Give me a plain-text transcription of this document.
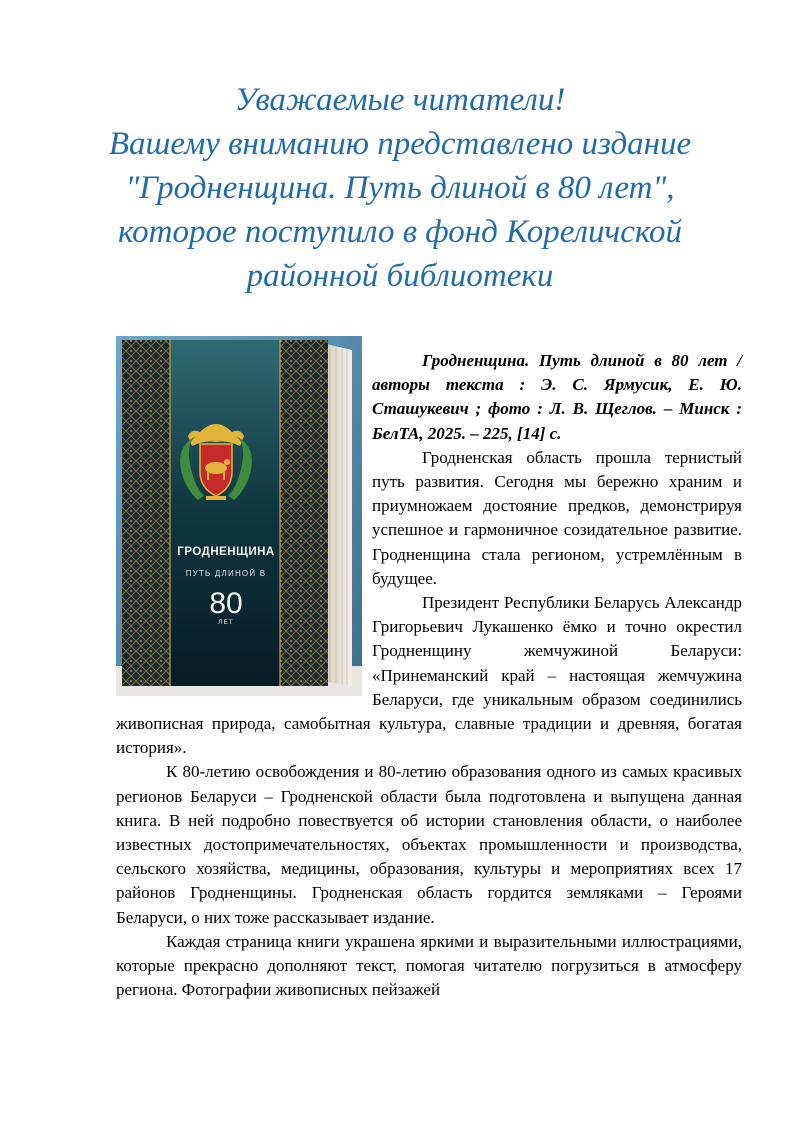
Уважаемые читатели!
Вашему вниманию представлено издание
"Гродненщина. Путь длиной в 80 лет",
которое поступило в фонд Кореличской
районной библиотеки
ГРОДНЕНЩИНА
ПУТЬ ДЛИНОЙ В
80
ЛЕТ

Гродненщина. Путь длиной в 80 лет / авторы текста : Э. С. Ярмусик, Е. Ю. Сташукевич ; фото : Л. В. Щеглов. – Минск : БелТА, 2025. – 225, [14] с.

Гродненская область прошла тернистый путь развития. Сегодня мы бережно храним и приумножаем достояние предков, демонстрируя успешное и гармоничное созидательное развитие. Гродненщина стала регионом, устремлённым в будущее.

Президент Республики Беларусь Александр Григорьевич Лукашенко ёмко и точно окрестил Гродненщину жемчужиной Беларуси: «Принеманский край – настоящая жемчужина Беларуси, где уникальным образом соединились живописная природа, самобытная культура, славные традиции и древняя, богатая история».

К 80-летию освобождения и 80-летию образования одного из самых красивых регионов Беларуси – Гродненской области была подготовлена и выпущена данная книга. В ней подробно повествуется об истории становления области, о наиболее известных достопримечательностях, объектах промышленности и производства, сельского хозяйства, медицины, образования, культуры и мероприятиях всех 17 районов Гродненщины. Гродненская область гордится земляками – Героями Беларуси, о них тоже рассказывает издание.

Каждая страница книги украшена яркими и выразительными иллюстрациями, которые прекрасно дополняют текст, помогая читателю погрузиться в атмосферу региона. Фотографии живописных пейзажей
